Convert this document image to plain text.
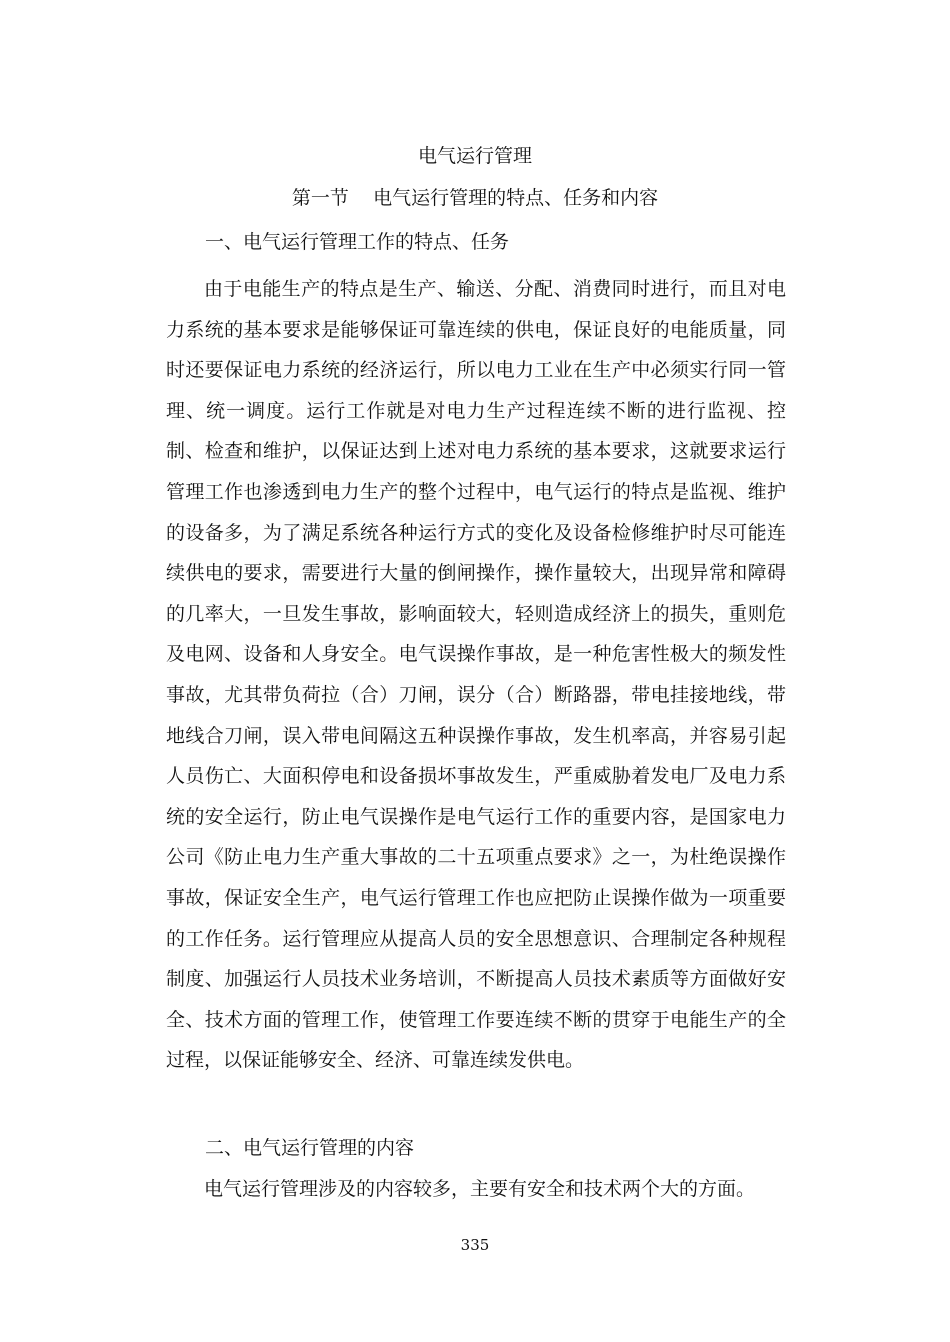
电气运行管理
第一节    电气运行管理的特点、任务和内容
一、电气运行管理工作的特点、任务

由于电能生产的特点是生产、输送、分配、消费同时进行，而且对电力系统的基本要求是能够保证可靠连续的供电，保证良好的电能质量，同时还要保证电力系统的经济运行，所以电力工业在生产中必须实行同一管理、统一调度。运行工作就是对电力生产过程连续不断的进行监视、控制、检查和维护，以保证达到上述对电力系统的基本要求，这就要求运行管理工作也渗透到电力生产的整个过程中，电气运行的特点是监视、维护的设备多，为了满足系统各种运行方式的变化及设备检修维护时尽可能连续供电的要求，需要进行大量的倒闸操作，操作量较大，出现异常和障碍的几率大，一旦发生事故，影响面较大，轻则造成经济上的损失，重则危及电网、设备和人身安全。电气误操作事故，是一种危害性极大的频发性事故，尤其带负荷拉（合）刀闸，误分（合）断路器，带电挂接地线，带地线合刀闸，误入带电间隔这五种误操作事故，发生机率高，并容易引起人员伤亡、大面积停电和设备损坏事故发生，严重威胁着发电厂及电力系统的安全运行，防止电气误操作是电气运行工作的重要内容，是国家电力公司《防止电力生产重大事故的二十五项重点要求》之一，为杜绝误操作事故，保证安全生产，电气运行管理工作也应把防止误操作做为一项重要的工作任务。运行管理应从提高人员的安全思想意识、合理制定各种规程制度、加强运行人员技术业务培训，不断提高人员技术素质等方面做好安全、技术方面的管理工作，使管理工作要连续不断的贯穿于电能生产的全过程，以保证能够安全、经济、可靠连续发供电。

二、电气运行管理的内容

电气运行管理涉及的内容较多，主要有安全和技术两个大的方面。

335
